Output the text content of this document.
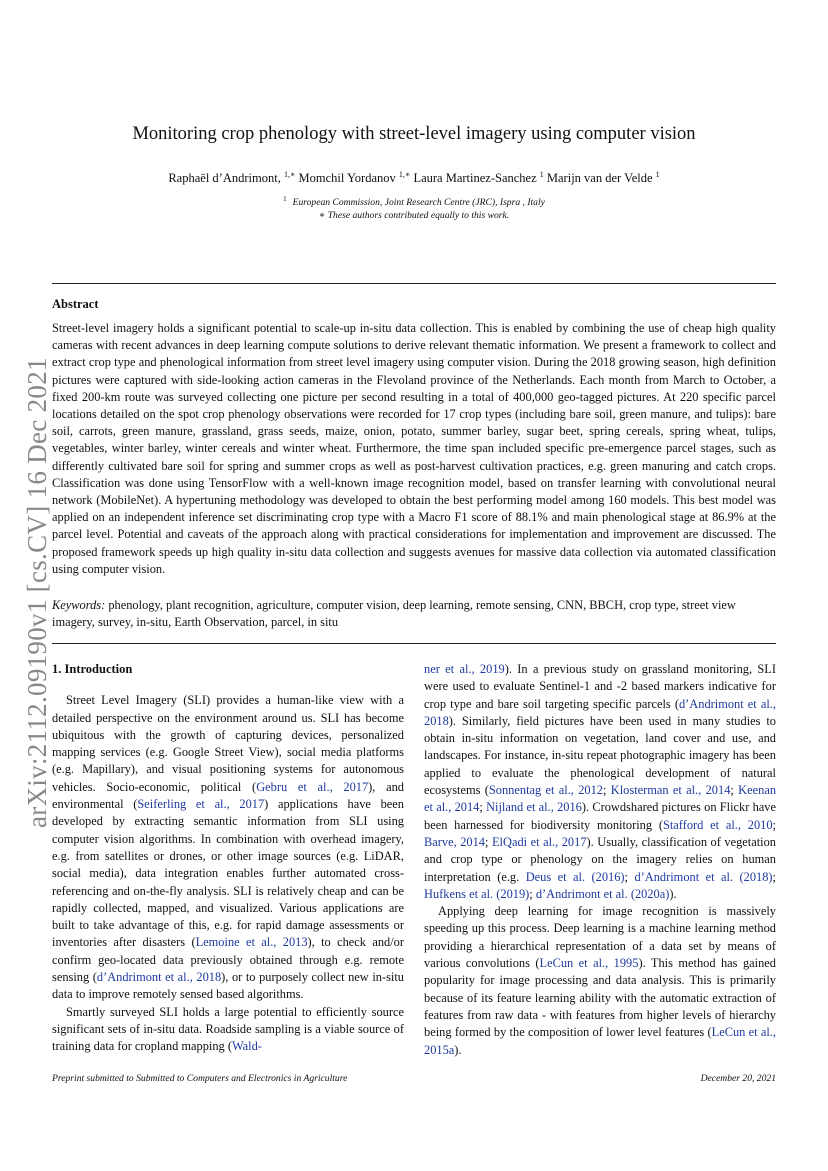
Monitoring crop phenology with street-level imagery using computer vision
Raphaël d’Andrimont, $^{1,∗}$ Momchil Yordanov $^{1,∗}$ Laura Martinez-Sanchez $^1$ Marijn van der Velde $^1$
$^1$ European Commission, Joint Research Centre (JRC), Ispra , Italy
∗ These authors contributed equally to this work.
Abstract

Street-level imagery holds a significant potential to scale-up in-situ data collection. This is enabled by combining the use of cheap high quality cameras with recent advances in deep learning compute solutions to derive relevant thematic information. We present a framework to collect and extract crop type and phenological information from street level imagery using computer vision. During the 2018 growing season, high definition pictures were captured with side-looking action cameras in the Flevoland province of the Netherlands. Each month from March to October, a fixed 200-km route was surveyed collecting one picture per second resulting in a total of 400,000 geo-tagged pictures. At 220 specific parcel locations detailed on the spot crop phenology observations were recorded for 17 crop types (including bare soil, green manure, and tulips): bare soil, carrots, green manure, grassland, grass seeds, maize, onion, potato, summer barley, sugar beet, spring cereals, spring wheat, tulips, vegetables, winter barley, winter cereals and winter wheat. Furthermore, the time span included specific pre-emergence parcel stages, such as differently cultivated bare soil for spring and summer crops as well as post-harvest cultivation practices, e.g. green manuring and catch crops. Classification was done using TensorFlow with a well-known image recognition model, based on transfer learning with convolutional neural network (MobileNet). A hypertuning methodology was developed to obtain the best performing model among 160 models. This best model was applied on an independent inference set discriminating crop type with a Macro F1 score of 88.1% and main phenological stage at 86.9% at the parcel level. Potential and caveats of the approach along with practical considerations for implementation and improvement are discussed. The proposed framework speeds up high quality in-situ data collection and suggests avenues for massive data collection via automated classification using computer vision.

Keywords: phenology, plant recognition, agriculture, computer vision, deep learning, remote sensing, CNN, BBCH, crop type, street view imagery, survey, in-situ, Earth Observation, parcel, in situ

1. Introduction

Street Level Imagery (SLI) provides a human-like view with a detailed perspective on the environment around us. SLI has become ubiquitous with the growth of capturing devices, personalized mapping services (e.g. Google Street View), social media platforms (e.g. Mapillary), and visual positioning systems for autonomous vehicles. Socio-economic, political (Gebru et al., 2017), and environmental (Seiferling et al., 2017) applications have been developed by extracting semantic information from SLI using computer vision algorithms. In combination with overhead imagery, e.g. from satellites or drones, or other image sources (e.g. LiDAR, social media), data integration enables further automated cross-referencing and on-the-fly analysis. SLI is relatively cheap and can be rapidly collected, mapped, and visualized. Various applications are built to take advantage of this, e.g. for rapid damage assessments or inventories after disasters (Lemoine et al., 2013), to check and/or confirm geo-located data previously obtained through e.g. remote sensing (d’Andrimont et al., 2018), or to purposely collect new in-situ data to improve remotely sensed based algorithms.

Smartly surveyed SLI holds a large potential to efficiently source significant sets of in-situ data. Roadside sampling is a viable source of training data for cropland mapping (Wald-

ner et al., 2019). In a previous study on grassland monitoring, SLI were used to evaluate Sentinel-1 and -2 based markers indicative for crop type and bare soil targeting specific parcels (d’Andrimont et al., 2018). Similarly, field pictures have been used in many studies to obtain in-situ information on vegetation, land cover and use, and landscapes. For instance, in-situ repeat photographic imagery has been applied to evaluate the phenological development of natural ecosystems (Sonnentag et al., 2012; Klosterman et al., 2014; Keenan et al., 2014; Nijland et al., 2016). Crowdshared pictures on Flickr have been harnessed for biodiversity monitoring (Stafford et al., 2010; Barve, 2014; ElQadi et al., 2017). Usually, classification of vegetation and crop type or phenology on the imagery relies on human interpretation (e.g. Deus et al. (2016); d’Andrimont et al. (2018); Hufkens et al. (2019); d’Andrimont et al. (2020a)).

Applying deep learning for image recognition is massively speeding up this process. Deep learning is a machine learning method providing a hierarchical representation of a data set by means of various convolutions (LeCun et al., 1995). This method has gained popularity for image processing and data analysis. This is primarily because of its feature learning ability with the automatic extraction of features from raw data - with features from higher levels of hierarchy being formed by the composition of lower level features (LeCun et al., 2015a).

Preprint submitted to Submitted to Computers and Electronics in Agriculture	December 20, 2021
arXiv:2112.09190v1 [cs.CV] 16 Dec 2021
